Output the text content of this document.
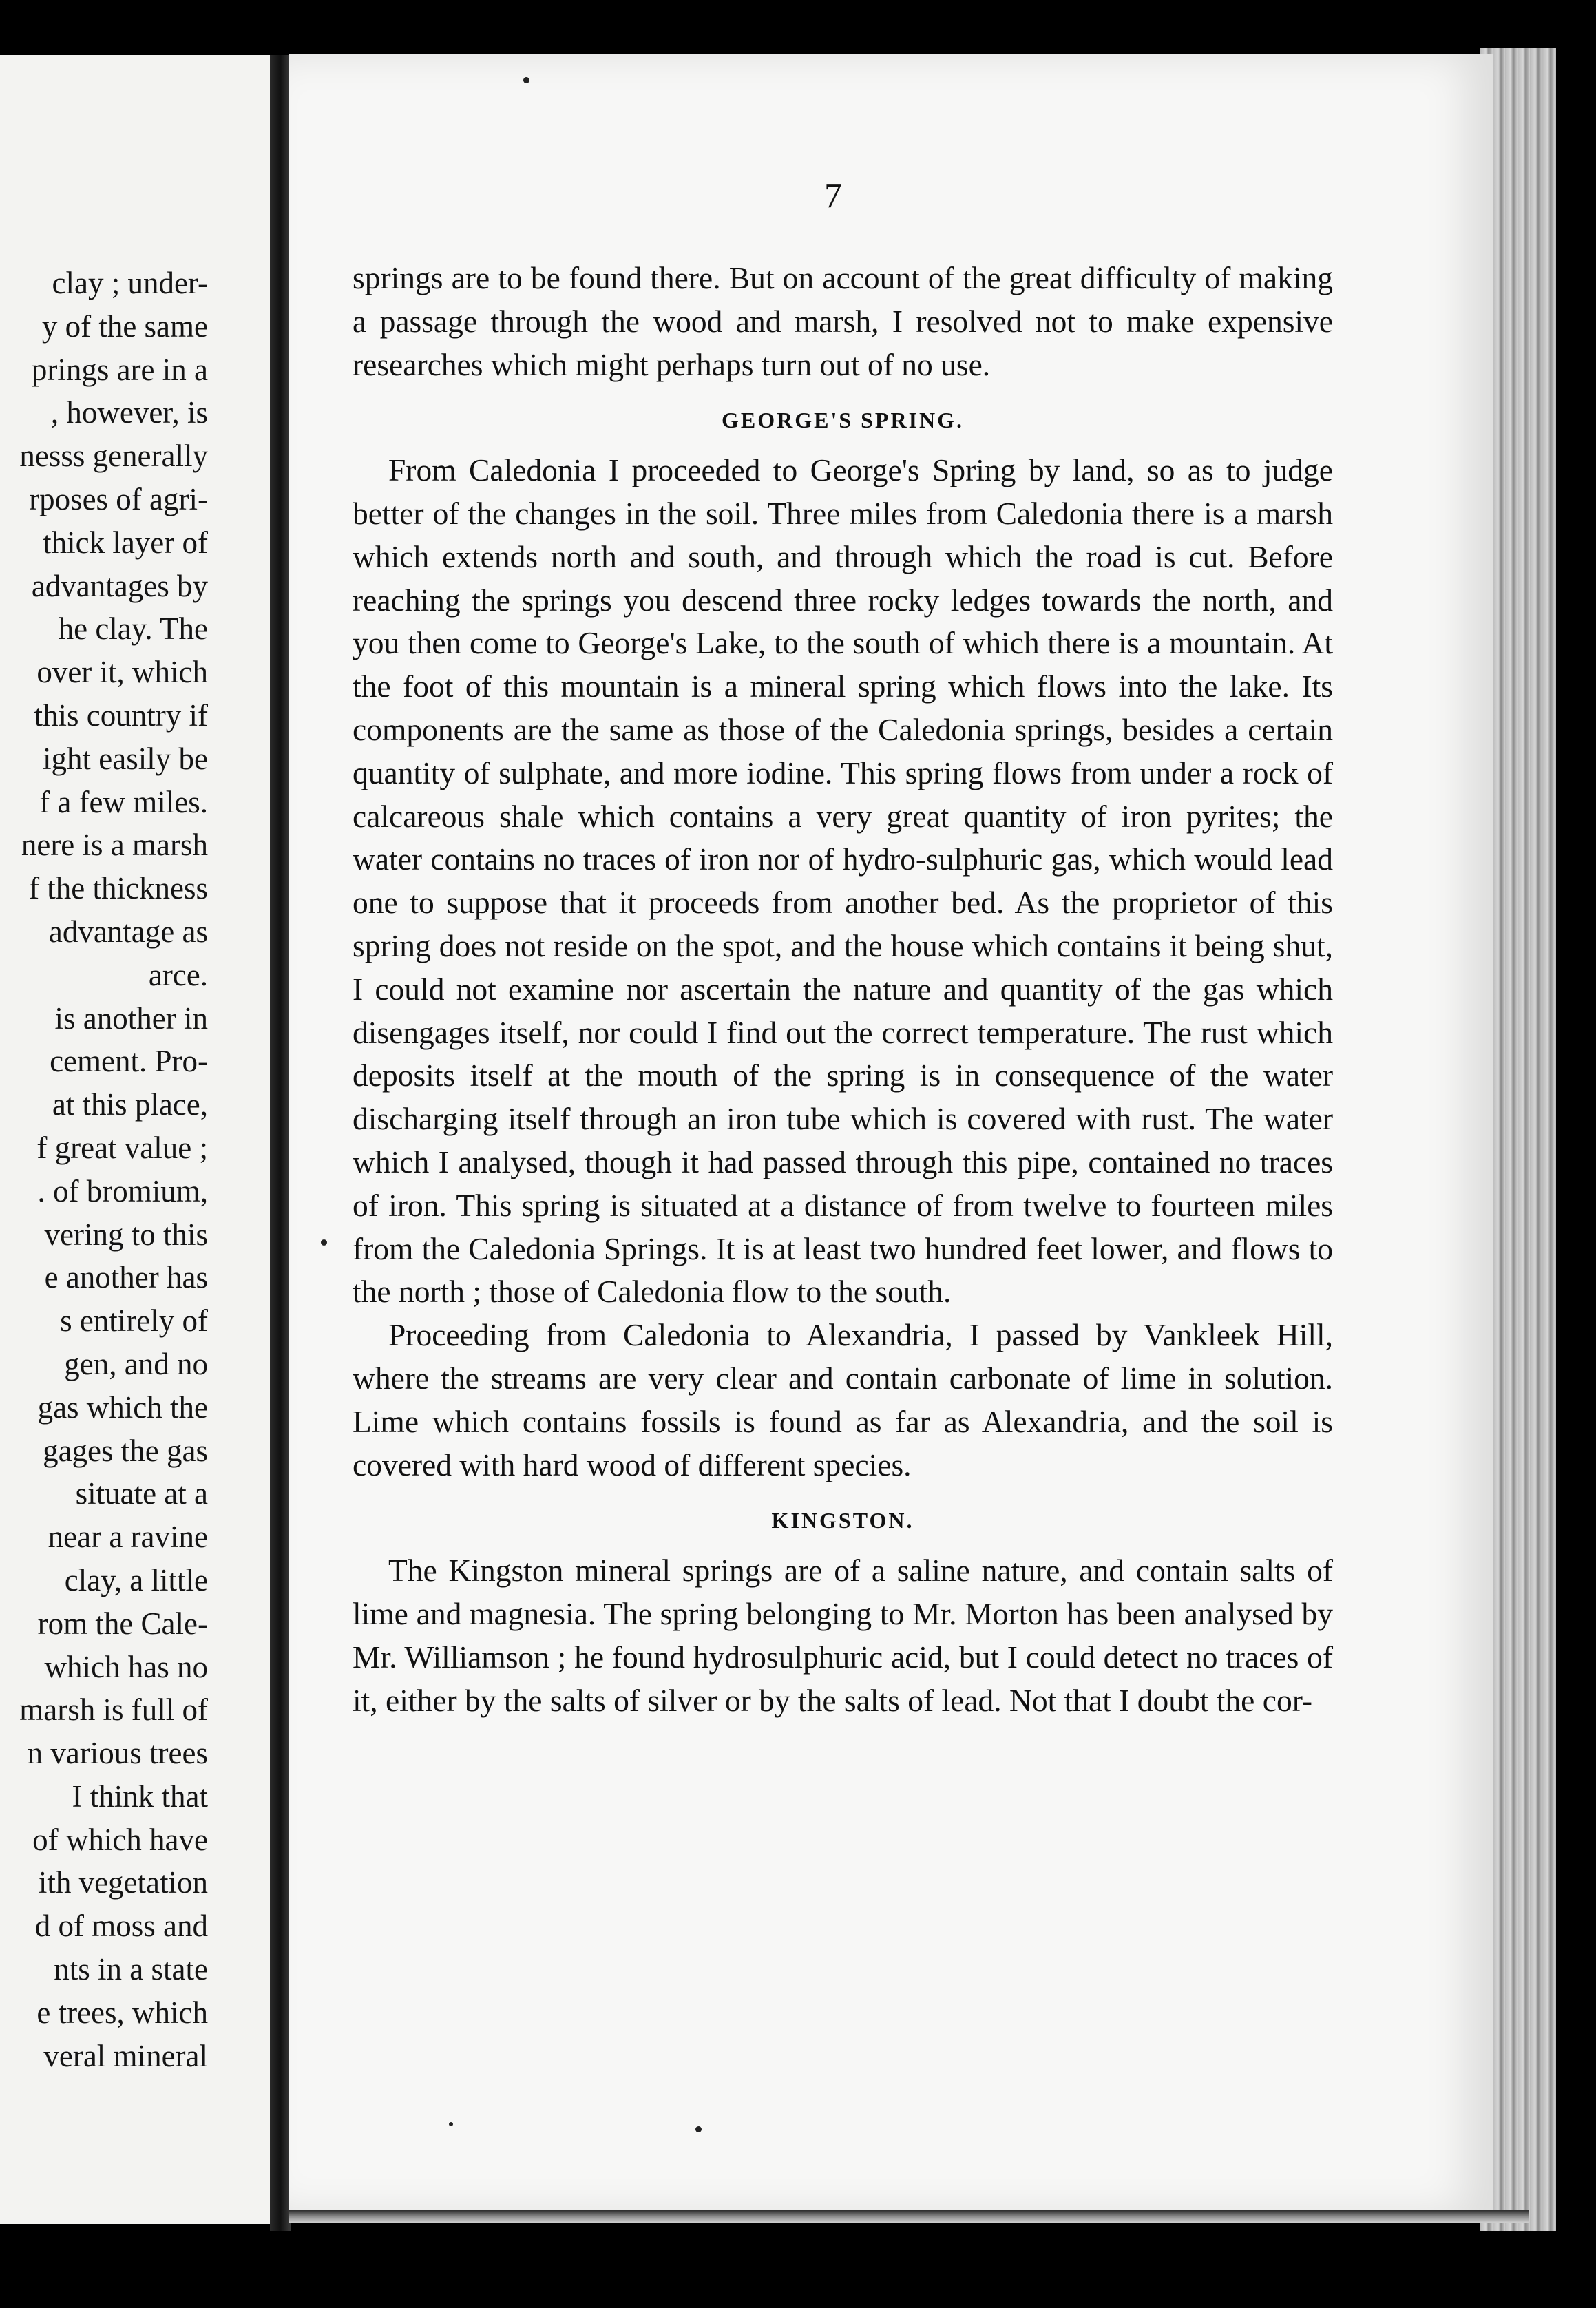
clay ; under-
y of the same
prings are in a
, however, is
nesss generally
rposes of agri-
thick layer of
advantages by
he clay. The
over it, which
this country if
ight easily be
f a few miles.
nere is a marsh
f the thickness
advantage as
arce.
is another in
cement. Pro-
at this place,
f great value ;
. of bromium,
vering to this
e another has
s entirely of
gen, and no
gas which the
gages the gas
situate at a
near a ravine
clay, a little
rom the Cale-
which has no
marsh is full of
n various trees
I think that
of which have
ith vegetation
d of moss and
nts in a state
e trees, which
veral mineral
7

springs are to be found there. But on account of the great difficulty of making a passage through the wood and marsh, I resolved not to make expensive researches which might perhaps turn out of no use.

GEORGE'S SPRING.

From Caledonia I proceeded to George's Spring by land, so as to judge better of the changes in the soil. Three miles from Caledonia there is a marsh which extends north and south, and through which the road is cut. Before reaching the springs you descend three rocky ledges towards the north, and you then come to George's Lake, to the south of which there is a mountain. At the foot of this mountain is a mineral spring which flows into the lake. Its components are the same as those of the Caledonia springs, besides a certain quantity of sulphate, and more iodine. This spring flows from under a rock of calcareous shale which contains a very great quantity of iron pyrites; the water contains no traces of iron nor of hydro-sulphuric gas, which would lead one to suppose that it proceeds from another bed. As the proprietor of this spring does not reside on the spot, and the house which contains it being shut, I could not examine nor ascertain the nature and quantity of the gas which disengages itself, nor could I find out the correct temperature. The rust which deposits itself at the mouth of the spring is in consequence of the water discharging itself through an iron tube which is covered with rust. The water which I analysed, though it had passed through this pipe, contained no traces of iron. This spring is situated at a distance of from twelve to fourteen miles from the Caledonia Springs. It is at least two hundred feet lower, and flows to the north ; those of Caledonia flow to the south.

Proceeding from Caledonia to Alexandria, I passed by Vankleek Hill, where the streams are very clear and contain carbonate of lime in solution. Lime which contains fossils is found as far as Alexandria, and the soil is covered with hard wood of different species.

KINGSTON.

The Kingston mineral springs are of a saline nature, and contain salts of lime and magnesia. The spring belonging to Mr. Morton has been analysed by Mr. Williamson ; he found hydrosulphuric acid, but I could detect no traces of it, either by the salts of silver or by the salts of lead. Not that I doubt the cor-
